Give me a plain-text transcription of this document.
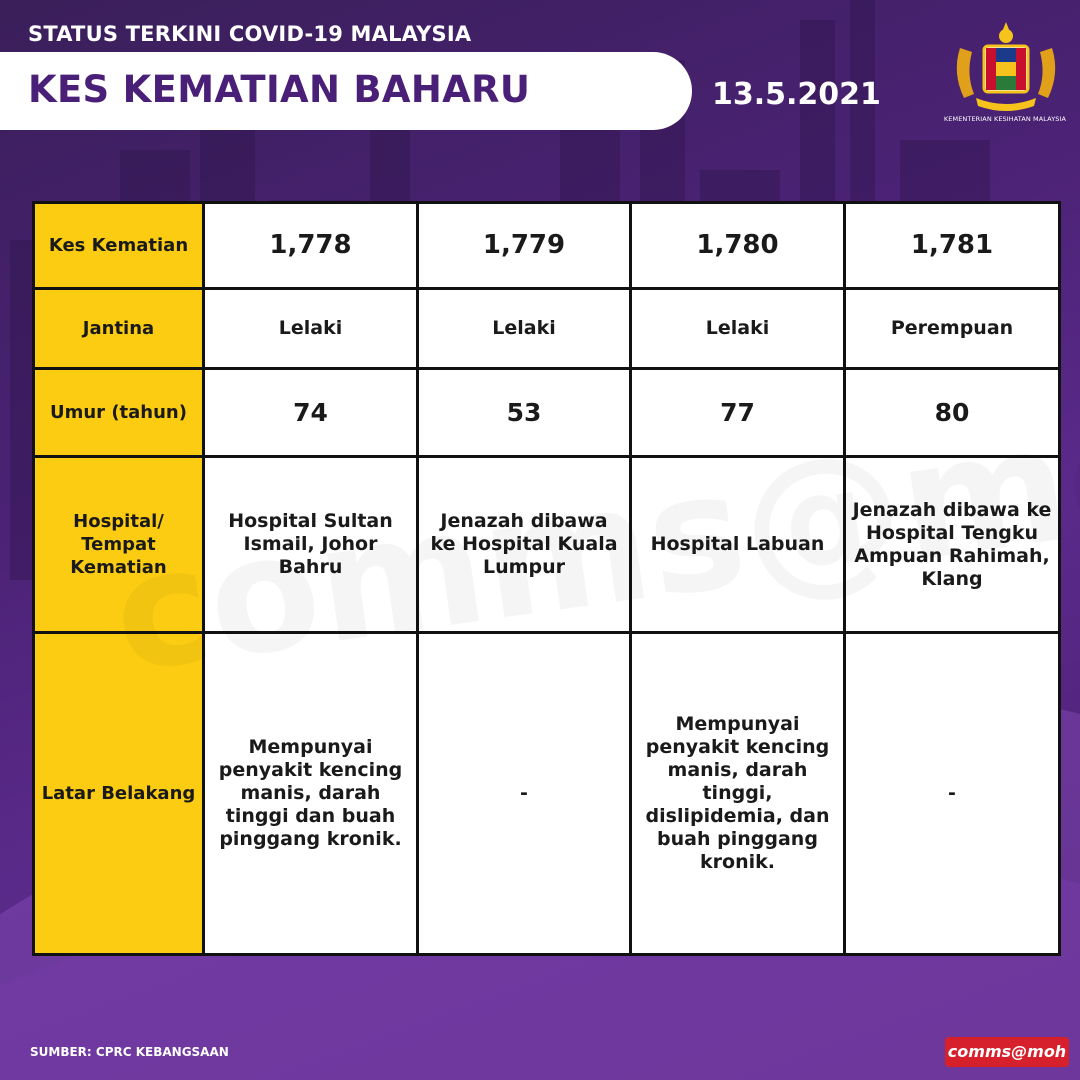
STATUS TERKINI COVID-19 MALAYSIA
KES KEMATIAN BAHARU	13.5.2021
KEMENTERIAN KESIHATAN MALAYSIA
Kes Kematian	1,778	1,779	1,780	1,781
Jantina	Lelaki	Lelaki	Lelaki	Perempuan
Umur (tahun)	74	53	77	80
Hospital/ Tempat Kematian	Hospital Sultan Ismail, Johor Bahru	Jenazah dibawa ke Hospital Kuala Lumpur	Hospital Labuan	Jenazah dibawa ke Hospital Tengku Ampuan Rahimah, Klang
Latar Belakang	Mempunyai penyakit kencing manis, darah tinggi dan buah pinggang kronik.	-	Mempunyai penyakit kencing manis, darah tinggi, dislipidemia, dan buah pinggang kronik.	-
SUMBER: CPRC KEBANGSAAN	comms@moh
